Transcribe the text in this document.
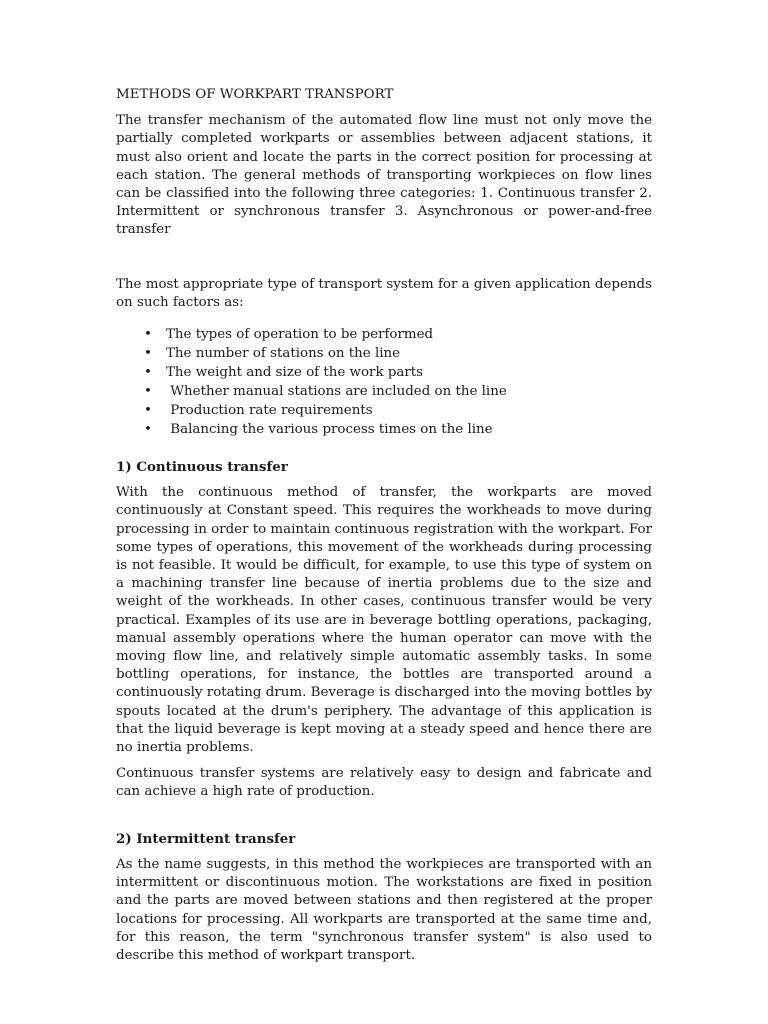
METHODS OF WORKPART TRANSPORT

The transfer mechanism of the automated flow line must not only move the partially completed workparts or assemblies between adjacent stations, it must also orient and locate the parts in the correct position for processing at each station. The general methods of transporting workpieces on flow lines can be classified into the following three categories: 1. Continuous transfer 2. Intermittent or synchronous transfer 3. Asynchronous or power-and-free transfer

The most appropriate type of transport system for a given application depends on such factors as:

• The types of operation to be performed
• The number of stations on the line
• The weight and size of the work parts
• Whether manual stations are included on the line
• Production rate requirements
• Balancing the various process times on the line
1) Continuous transfer

With the continuous method of transfer, the workparts are moved continuously at Constant speed. This requires the workheads to move during processing in order to maintain continuous registration with the workpart. For some types of operations, this movement of the workheads during processing is not feasible. It would be difficult, for example, to use this type of system on a machining transfer line because of inertia problems due to the size and weight of the workheads. In other cases, continuous transfer would be very practical. Examples of its use are in beverage bottling operations, packaging, manual assembly operations where the human operator can move with the moving flow line, and relatively simple automatic assembly tasks. In some bottling operations, for instance, the bottles are transported around a continuously rotating drum. Beverage is discharged into the moving bottles by spouts located at the drum's periphery. The advantage of this application is that the liquid beverage is kept moving at a steady speed and hence there are no inertia problems.

Continuous transfer systems are relatively easy to design and fabricate and can achieve a high rate of production.

2) Intermittent transfer

As the name suggests, in this method the workpieces are transported with an intermittent or discontinuous motion. The workstations are fixed in position and the parts are moved between stations and then registered at the proper locations for processing. All workparts are transported at the same time and, for this reason, the term "synchronous transfer system" is also used to describe this method of workpart transport.
